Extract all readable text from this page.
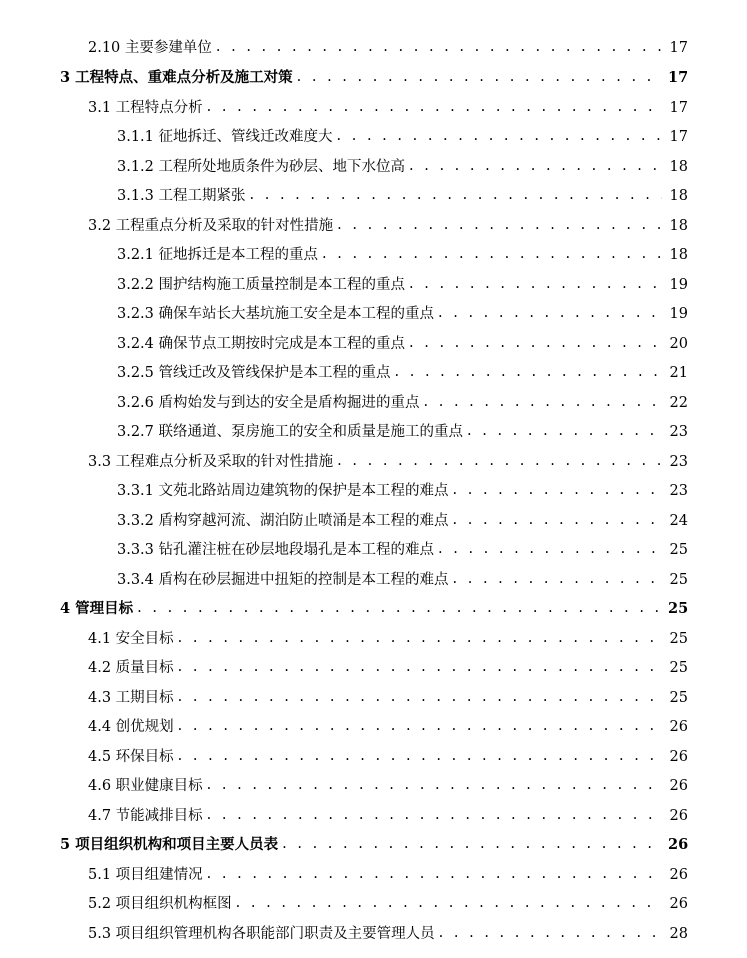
2.10 主要参建单位 . . .	17
3 工程特点、重难点分析及施工对策 . . .	17
3.1 工程特点分析 . . .	17
3.1.1 征地拆迁、管线迁改难度大 . . .	17
3.1.2 工程所处地质条件为砂层、地下水位高 . . .	18
3.1.3 工程工期紧张 . . .	18
3.2 工程重点分析及采取的针对性措施 . . .	18
3.2.1 征地拆迁是本工程的重点 . . .	18
3.2.2 围护结构施工质量控制是本工程的重点 . . .	19
3.2.3 确保车站长大基坑施工安全是本工程的重点 . . .	19
3.2.4 确保节点工期按时完成是本工程的重点 . . .	20
3.2.5 管线迁改及管线保护是本工程的重点 . . .	21
3.2.6 盾构始发与到达的安全是盾构掘进的重点 . . .	22
3.2.7 联络通道、泵房施工的安全和质量是施工的重点 . . .	23
3.3 工程难点分析及采取的针对性措施 . . .	23
3.3.1 文苑北路站周边建筑物的保护是本工程的难点 . . .	23
3.3.2 盾构穿越河流、湖泊防止喷涌是本工程的难点 . . .	24
3.3.3 钻孔灌注桩在砂层地段塌孔是本工程的难点 . . .	25
3.3.4 盾构在砂层掘进中扭矩的控制是本工程的难点 . . .	25
4 管理目标 . . .	25
4.1 安全目标 . . .	25
4.2 质量目标 . . .	25
4.3 工期目标 . . .	25
4.4 创优规划 . . .	26
4.5 环保目标 . . .	26
4.6 职业健康目标 . . .	26
4.7 节能减排目标 . . .	26
5 项目组织机构和项目主要人员表 . . .	26
5.1 项目组建情况 . . .	26
5.2 项目组织机构框图 . . .	26
5.3 项目组织管理机构各职能部门职责及主要管理人员 . . .	28
